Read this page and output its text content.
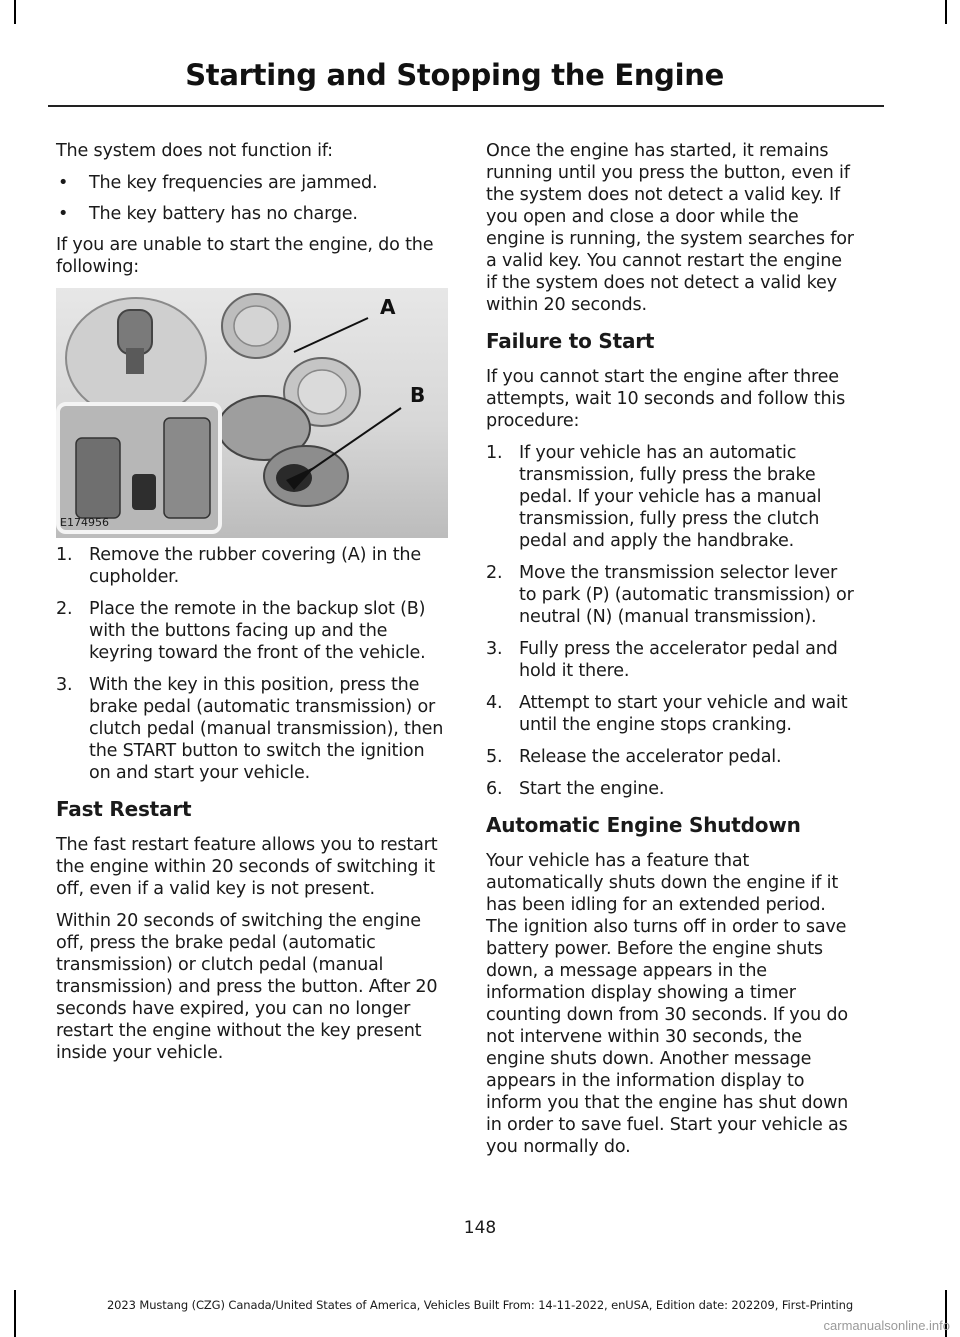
Starting and Stopping the Engine

The system does not function if:

• The key frequencies are jammed.
• The key battery has no charge.

If you are unable to start the engine, do the following:

A
B
E174956
1. Remove the rubber covering (A) in the cupholder.
2. Place the remote in the backup slot (B) with the buttons facing up and the keyring toward the front of the vehicle.
3. With the key in this position, press the brake pedal (automatic transmission) or clutch pedal (manual transmission), then the START button to switch the ignition on and start your vehicle.
Fast Restart

The fast restart feature allows you to restart the engine within 20 seconds of switching it off, even if a valid key is not present.

Within 20 seconds of switching the engine off, press the brake pedal (automatic transmission) or clutch pedal (manual transmission) and press the button. After 20 seconds have expired, you can no longer restart the engine without the key present inside your vehicle.

Once the engine has started, it remains running until you press the button, even if the system does not detect a valid key. If you open and close a door while the engine is running, the system searches for a valid key. You cannot restart the engine if the system does not detect a valid key within 20 seconds.

Failure to Start

If you cannot start the engine after three attempts, wait 10 seconds and follow this procedure:

1. If your vehicle has an automatic transmission, fully press the brake pedal. If your vehicle has a manual transmission, fully press the clutch pedal and apply the handbrake.
2. Move the transmission selector lever to park (P) (automatic transmission) or neutral (N) (manual transmission).
3. Fully press the accelerator pedal and hold it there.
4. Attempt to start your vehicle and wait until the engine stops cranking.
5. Release the accelerator pedal.
6. Start the engine.
Automatic Engine Shutdown

Your vehicle has a feature that automatically shuts down the engine if it has been idling for an extended period. The ignition also turns off in order to save battery power. Before the engine shuts down, a message appears in the information display showing a timer counting down from 30 seconds. If you do not intervene within 30 seconds, the engine shuts down. Another message appears in the information display to inform you that the engine has shut down in order to save fuel. Start your vehicle as you normally do.

148
2023 Mustang (CZG) Canada/United States of America, Vehicles Built From: 14-11-2022, enUSA, Edition date: 202209, First-Printing
carmanualsonline.info
